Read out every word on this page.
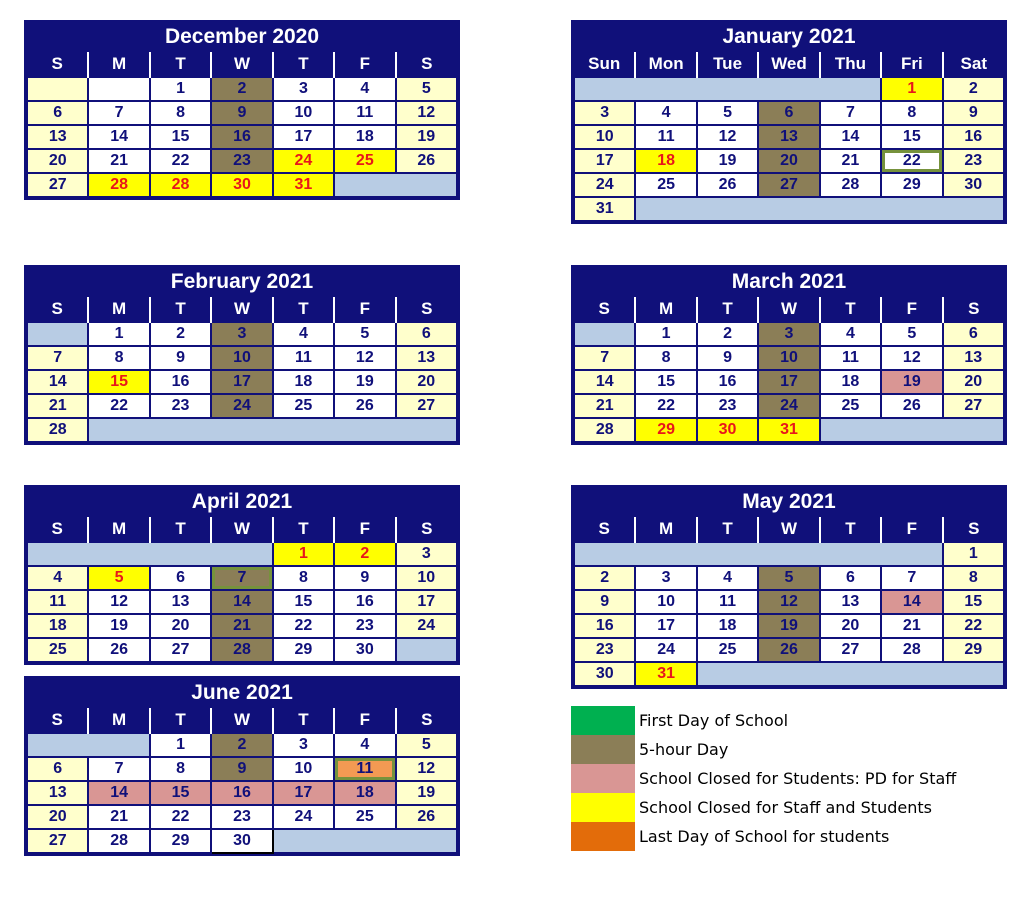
December 2020
S	M	T	W	T	F	S
		1	2	3	4	5
6	7	8	9	10	11	12
13	14	15	16	17	18	19
20	21	22	23	24	25	26
27	28	28	30	31		
January 2021
Sun	Mon	Tue	Wed	Thu	Fri	Sat
					1	2
3	4	5	6	7	8	9
10	11	12	13	14	15	16
17	18	19	20	21	22	23
24	25	26	27	28	29	30
31						
February 2021
S	M	T	W	T	F	S
	1	2	3	4	5	6
7	8	9	10	11	12	13
14	15	16	17	18	19	20
21	22	23	24	25	26	27
28						
March 2021
S	M	T	W	T	F	S
	1	2	3	4	5	6
7	8	9	10	11	12	13
14	15	16	17	18	19	20
21	22	23	24	25	26	27
28	29	30	31			
April 2021
S	M	T	W	T	F	S
				1	2	3
4	5	6	7	8	9	10
11	12	13	14	15	16	17
18	19	20	21	22	23	24
25	26	27	28	29	30	
May 2021
S	M	T	W	T	F	S
						1
2	3	4	5	6	7	8
9	10	11	12	13	14	15
16	17	18	19	20	21	22
23	24	25	26	27	28	29
30	31					
June 2021
S	M	T	W	T	F	S
		1	2	3	4	5
6	7	8	9	10	11	12
13	14	15	16	17	18	19
20	21	22	23	24	25	26
27	28	29	30			
First Day of School
5-hour Day
School Closed for Students: PD for Staff
School Closed for Staff and Students
Last Day of School for students
